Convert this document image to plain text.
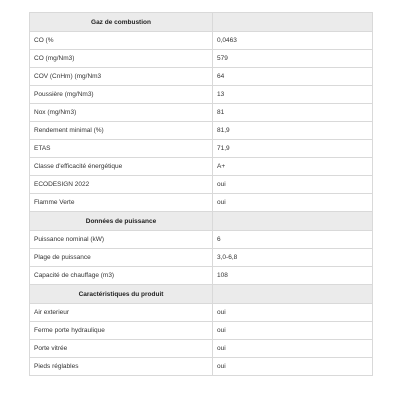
Gaz de combustion	
CO (%	0,0463
CO (mg/Nm3)	579
COV (CnHm) (mg/Nm3	64
Poussière (mg/Nm3)	13
Nox (mg/Nm3)	81
Rendement minimal (%)	81,9
ETAS	71,9
Classe d'efficacité énergétique	A+
ECODESIGN 2022	oui
Flamme Verte	oui
Données de puissance	
Puissance nominal (kW)	6
Plage de puissance	3,0-6,8
Capacité de chauffage (m3)	108
Caractéristiques du produit	
Air exterieur	oui
Ferme porte hydraulique	oui
Porte vitrée	oui
Pieds réglables	oui
